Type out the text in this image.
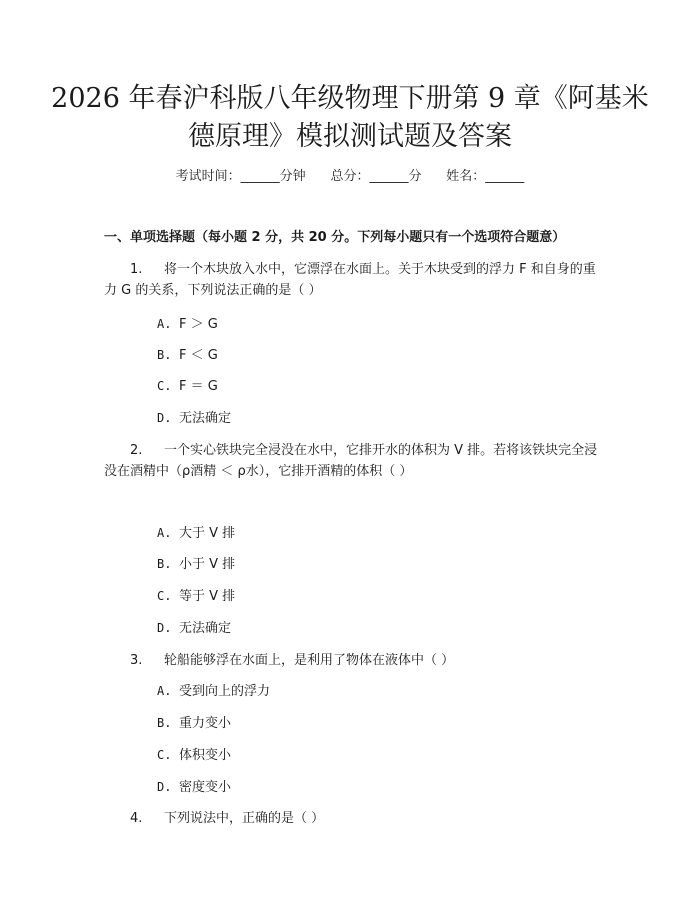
2026 年春沪科版八年级物理下册第 9 章《阿基米德原理》模拟测试题及答案
考试时间：______分钟 总分：______分 姓名：______
一、单项选择题（每小题 2 分，共 20 分。下列每小题只有一个选项符合题意）
1. 将一个木块放入水中，它漂浮在水面上。关于木块受到的浮力 F 和自身的重力 G 的关系，下列说法正确的是（ ）
A. F ＞ G
B. F ＜ G
C. F ＝ G
D. 无法确定
2. 一个实心铁块完全浸没在水中，它排开水的体积为 V 排。若将该铁块完全浸没在酒精中（ρ酒精 ＜ ρ水），它排开酒精的体积（ ）
A. 大于 V 排
B. 小于 V 排
C. 等于 V 排
D. 无法确定
3. 轮船能够浮在水面上，是利用了物体在液体中（ ）
A. 受到向上的浮力
B. 重力变小
C. 体积变小
D. 密度变小
4. 下列说法中，正确的是（ ）
